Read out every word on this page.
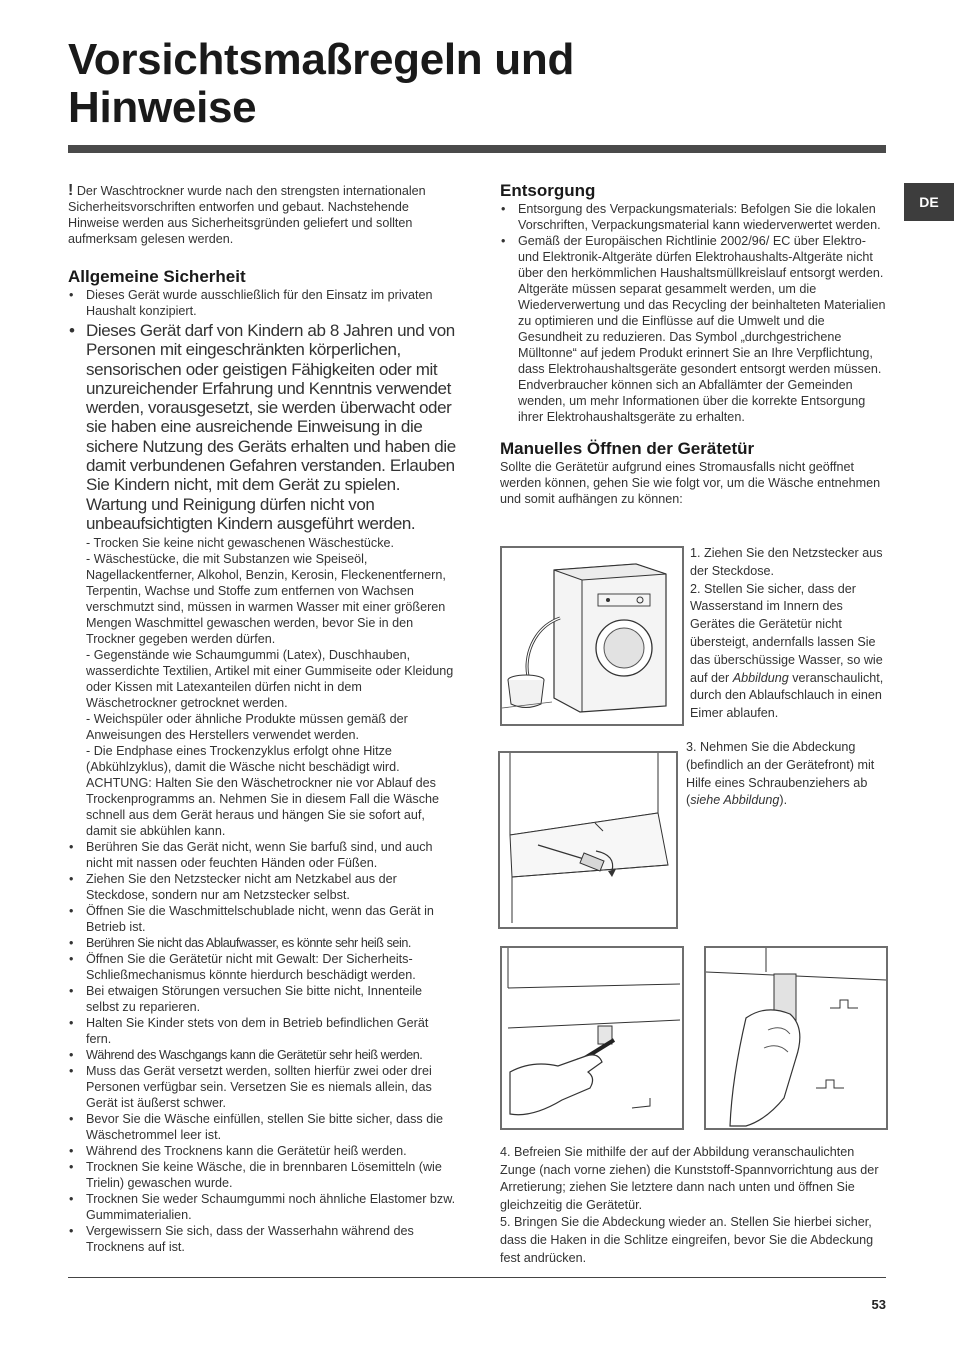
Vorsichtsmaßregeln und
Hinweise
DE

! Der Waschtrockner wurde nach den strengsten internationalen Sicherheitsvorschriften entworfen und gebaut. Nachstehende Hinweise werden aus Sicherheitsgründen geliefert und sollten aufmerksam gelesen werden.

Allgemeine Sicherheit
• Dieses Gerät wurde ausschließlich für den Einsatz im privaten Haushalt konzipiert.
• Dieses Gerät darf von Kindern ab 8 Jahren und von Personen mit eingeschränkten körperlichen, sensorischen oder geistigen Fähigkeiten oder mit unzureichender Erfahrung und Kenntnis verwendet werden, vorausgesetzt, sie werden überwacht oder sie haben eine ausreichende Einweisung in die sichere Nutzung des Geräts erhalten und haben die damit verbundenen Gefahren verstanden. Erlauben Sie Kindern nicht, mit dem Gerät zu spielen. Wartung und Reinigung dürfen nicht von unbeaufsichtigten Kindern ausgeführt werden.

- Trocken Sie keine nicht gewaschenen Wäschestücke.

- Wäschestücke, die mit Substanzen wie Speiseöl, Nagellackentferner, Alkohol, Benzin, Kerosin, Fleckenentfernern, Terpentin, Wachse und Stoffe zum entfernen von Wachsen verschmutzt sind, müssen in warmen Wasser mit einer größeren Mengen Waschmittel gewaschen werden, bevor Sie in den Trockner gegeben werden dürfen.

- Gegenstände wie Schaumgummi (Latex), Duschhauben, wasserdichte Textilien, Artikel mit einer Gummiseite oder Kleidung oder Kissen mit Latexanteilen dürfen nicht in dem Wäschetrockner getrocknet werden.

- Weichspüler oder ähnliche Produkte müssen gemäß der Anweisungen des Herstellers verwendet werden.

- Die Endphase eines Trockenzyklus erfolgt ohne Hitze (Abkühlzyklus), damit die Wäsche nicht beschädigt wird. ACHTUNG: Halten Sie den Wäschetrockner nie vor Ablauf des Trockenprogramms an. Nehmen Sie in diesem Fall die Wäsche schnell aus dem Gerät heraus und hängen Sie sie sofort auf, damit sie abkühlen kann.

• Berühren Sie das Gerät nicht, wenn Sie barfuß sind, und auch nicht mit nassen oder feuchten Händen oder Füßen.
• Ziehen Sie den Netzstecker nicht am Netzkabel aus der Steckdose, sondern nur am Netzstecker selbst.
• Öffnen Sie die Waschmittelschublade nicht, wenn das Gerät in Betrieb ist.
• Berühren Sie nicht das Ablaufwasser, es könnte sehr heiß sein.
• Öffnen Sie die Gerätetür nicht mit Gewalt: Der Sicherheits-Schließmechanismus könnte hierdurch beschädigt werden.
• Bei etwaigen Störungen versuchen Sie bitte nicht, Innenteile selbst zu reparieren.
• Halten Sie Kinder stets von dem in Betrieb befindlichen Gerät fern.
• Während des Waschgangs kann die Gerätetür sehr heiß werden.
• Muss das Gerät versetzt werden, sollten hierfür zwei oder drei Personen verfügbar sein. Versetzen Sie es niemals allein, das Gerät ist äußerst schwer.
• Bevor Sie die Wäsche einfüllen, stellen Sie bitte sicher, dass die Wäschetrommel leer ist.
• Während des Trocknens kann die Gerätetür heiß werden.
• Trocknen Sie keine Wäsche, die in brennbaren Lösemitteln (wie Trielin) gewaschen wurde.
• Trocknen Sie weder Schaumgummi noch ähnliche Elastomer bzw. Gummimaterialien.
• Vergewissern Sie sich, dass der Wasserhahn während des Trocknens auf ist.
Entsorgung
• Entsorgung des Verpackungsmaterials: Befolgen Sie die lokalen Vorschriften, Verpackungsmaterial kann wiederverwertet werden.
• Gemäß der Europäischen Richtlinie 2002/96/ EC über Elektro- und Elektronik-Altgeräte dürfen Elektrohaushalts-Altgeräte nicht über den herkömmlichen Haushaltsmüllkreislauf entsorgt werden. Altgeräte müssen separat gesammelt werden, um die Wiederverwertung und das Recycling der beinhalteten Materialien zu optimieren und die Einflüsse auf die Umwelt und die Gesundheit zu reduzieren. Das Symbol „durchgestrichene Mülltonne“ auf jedem Produkt erinnert Sie an Ihre Verpflichtung, dass Elektrohaushaltsgeräte gesondert entsorgt werden müssen. Endverbraucher können sich an Abfallämter der Gemeinden wenden, um mehr Informationen über die korrekte Entsorgung ihrer Elektrohaushaltsgeräte zu erhalten.
Manuelles Öffnen der Gerätetür

Sollte die Gerätetür aufgrund eines Stromausfalls nicht geöffnet werden können, gehen Sie wie folgt vor, um die Wäsche entnehmen und somit aufhängen zu können:

1. Ziehen Sie den Netzstecker aus der Steckdose.

2. Stellen Sie sicher, dass der Wasserstand im Innern des Gerätes die Gerätetür nicht übersteigt, andernfalls lassen Sie das überschüssige Wasser, so wie auf der Abbildung veranschaulicht, durch den Ablaufschlauch in einen Eimer ablaufen.

3. Nehmen Sie die Abdeckung (befindlich an der Gerätefront) mit Hilfe eines Schraubenziehers ab (siehe Abbildung).

4. Befreien Sie mithilfe der auf der Abbildung veranschaulichten Zunge (nach vorne ziehen) die Kunststoff-Spannvorrichtung aus der Arretierung; ziehen Sie letztere dann nach unten und öffnen Sie gleichzeitig die Gerätetür.

5. Bringen Sie die Abdeckung wieder an. Stellen Sie hierbei sicher, dass die Haken in die Schlitze eingreifen, bevor Sie die Abdeckung fest andrücken.

53
